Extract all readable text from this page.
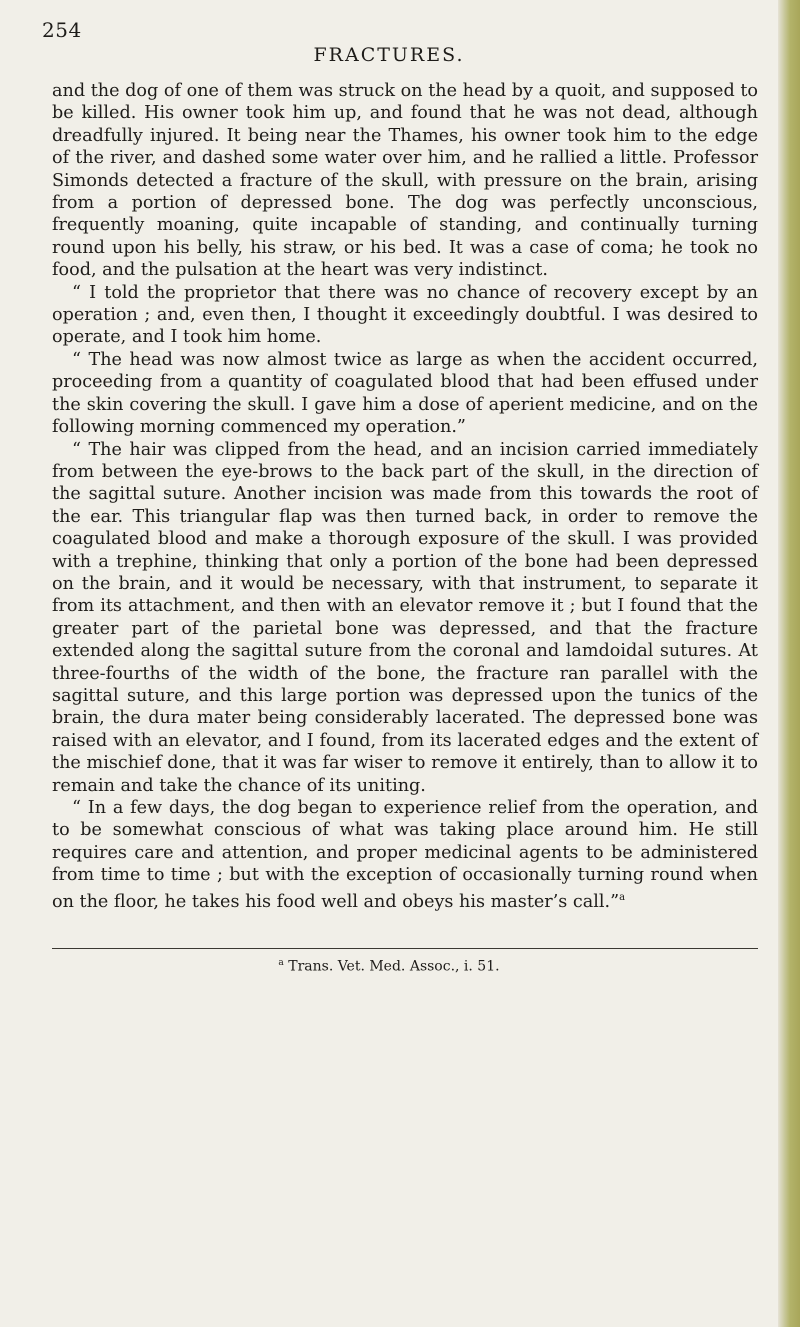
254
FRACTURES.

and the dog of one of them was struck on the head by a quoit, and supposed to be killed. His owner took him up, and found that he was not dead, although dreadfully injured. It being near the Thames, his owner took him to the edge of the river, and dashed some water over him, and he rallied a little. Professor Simonds detected a fracture of the skull, with pressure on the brain, arising from a portion of depressed bone. The dog was perfectly unconscious, frequently moaning, quite incapable of standing, and continually turning round upon his belly, his straw, or his bed. It was a case of coma; he took no food, and the pulsation at the heart was very indistinct.

“ I told the proprietor that there was no chance of recovery except by an operation ; and, even then, I thought it exceedingly doubtful. I was desired to operate, and I took him home.

“ The head was now almost twice as large as when the accident occurred, proceeding from a quantity of coagulated blood that had been effused under the skin covering the skull. I gave him a dose of aperient medicine, and on the following morning commenced my operation.”

“ The hair was clipped from the head, and an incision carried immediately from between the eye-brows to the back part of the skull, in the direction of the sagittal suture. Another incision was made from this towards the root of the ear. This triangular flap was then turned back, in order to remove the coagulated blood and make a thorough exposure of the skull. I was provided with a trephine, thinking that only a portion of the bone had been depressed on the brain, and it would be necessary, with that instrument, to separate it from its attachment, and then with an elevator remove it ; but I found that the greater part of the parietal bone was depressed, and that the fracture extended along the sagittal suture from the coronal and lamdoidal sutures. At three-fourths of the width of the bone, the fracture ran parallel with the sagittal suture, and this large portion was depressed upon the tunics of the brain, the dura mater being considerably lacerated. The depressed bone was raised with an elevator, and I found, from its lacerated edges and the extent of the mischief done, that it was far wiser to remove it entirely, than to allow it to remain and take the chance of its uniting.

“ In a few days, the dog began to experience relief from the operation, and to be somewhat conscious of what was taking place around him. He still requires care and attention, and proper medicinal agents to be administered from time to time ; but with the exception of occasionally turning round when on the floor, he takes his food well and obeys his master’s call.”$^a$

$^a$ Trans. Vet. Med. Assoc., i. 51.
